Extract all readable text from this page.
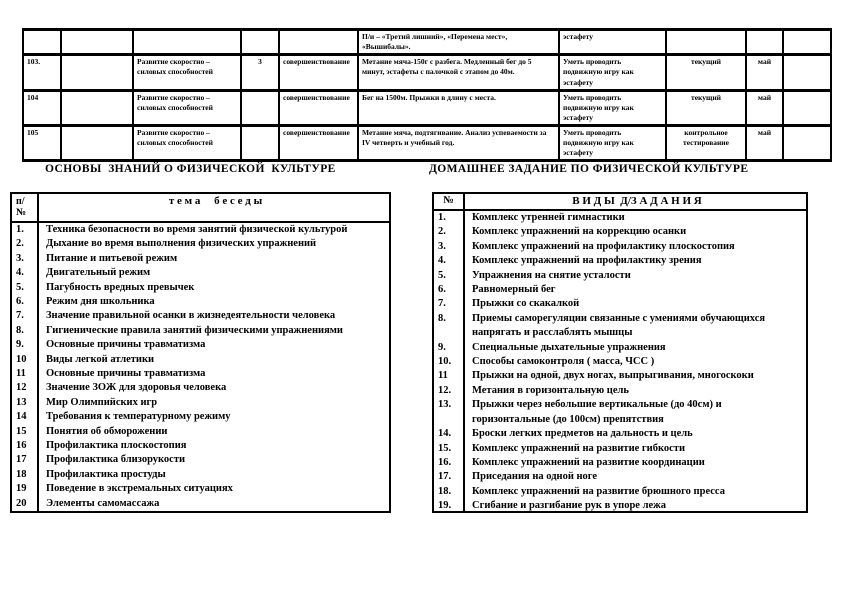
					П/и – «Третий лишний», «Перемена мест», «Вышибалы».	эстафету			
103.		Развитие скоростно – силовых способностей	3	совершенствование	Метание мяча-150г с разбега. Медленный бег до 5 минут, эстафеты с палочкой с этапом до 40м.	Уметь проводить подвижную игру как эстафету	текущий	май	
104		Развитие скоростно – силовых способностей		совершенствование	Бег на 1500м. Прыжки в длину с места.	Уметь проводить подвижную игру как эстафету	текущий	май	
105		Развитие скоростно – силовых способностей		совершенствование	Метание мяча, подтягивание. Анализ успеваемости за IV четверть и учебный год.	Уметь проводить подвижную игру как эстафету	контрольное тестирование	май	
ОСНОВЫ  ЗНАНИЙ О ФИЗИЧЕСКОЙ  КУЛЬТУРЕ	ДОМАШНЕЕ ЗАДАНИЕ ПО ФИЗИЧЕСКОЙ КУЛЬТУРЕ
п/ №
т е м а     б е с е д ы
1.	Техника безопасности во время занятий физической культурой
2.	Дыхание во время выполнения физических упражнений
3.	Питание и питьевой режим
4.	Двигательный режим
5.	Пагубность вредных превычек
6.	Режим дня школьника
7.	Значение правильной осанки в жизнедеятельности человека
8.	Гигиенические правила занятий физическими упражнениями
9.	Основные причины травматизма
10	Виды легкой атлетики
11	Основные причины травматизма
12	Значение ЗОЖ для здоровья человека
13	Мир Олимпийских игр
14	Требования к температурному режиму
15	Понятия об обморожении
16	Профилактика плоскостопия
17	Профилактика близорукости
18	Профилактика простуды
19	Поведение в экстремальных ситуациях
20	Элементы самомассажа
№	В И Д Ы  Д/З А Д А Н И Я
1.	Комплекс утренней гимнастики
2.	Комплекс упражнений на коррекцию осанки
3.	Комплекс упражнений на профилактику плоскостопия
4.	Комплекс упражнений на профилактику зрения
5.	Упражнения на снятие усталости
6.	Равномерный бег
7.	Прыжки со скакалкой
8.	Приемы саморегуляции связанные с умениями обучающихся напрягать и расслаблять мышцы
9.	Специальные дыхательные упражнения
10.	Способы самоконтроля ( масса, ЧСС )
11	Прыжки на одной, двух ногах, выпрыгивания, многоскоки
12.	Метания в горизонтальную цель
13.	Прыжки через небольшие вертикальные (до 40см) и горизонтальные (до 100см) препятствия
14.	Броски легких предметов на дальность и цель
15.	Комплекс упражнений на развитие гибкости
16.	Комплекс упражнений на развитие координации
17.	Приседания на одной ноге
18.	Комплекс упражнений на развитие брюшного пресса
19.	Сгибание и разгибание рук в упоре лежа
